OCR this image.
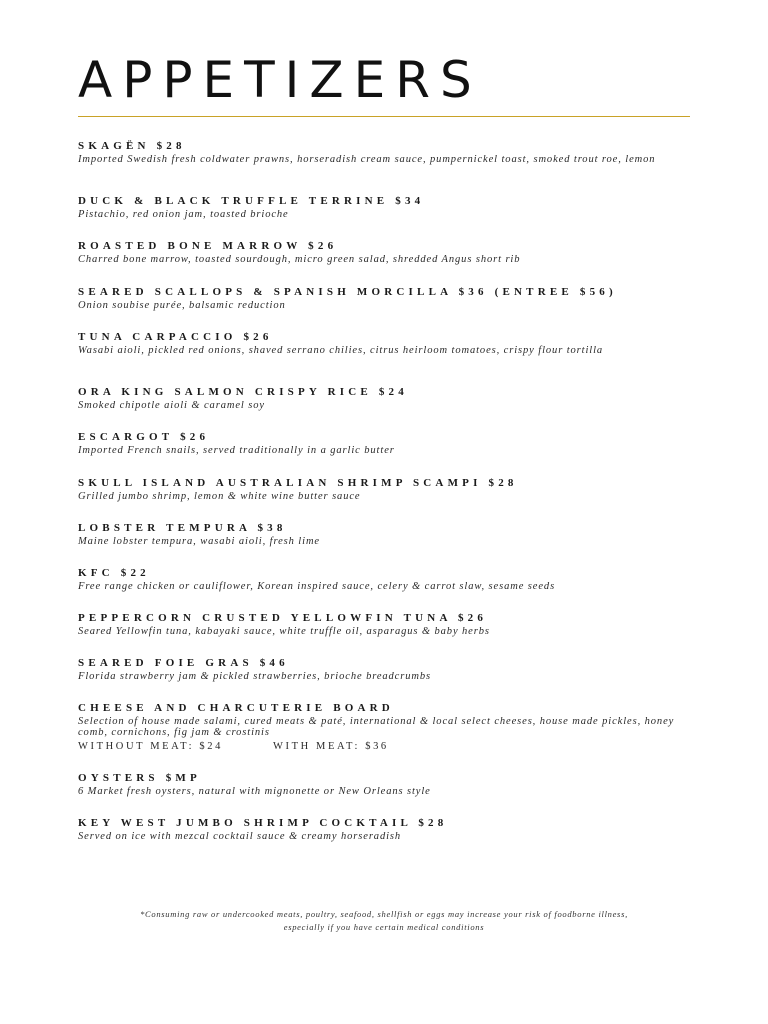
APPETIZERS
SKAGËN $28
Imported Swedish fresh coldwater prawns, horseradish cream sauce, pumpernickel toast, smoked trout roe, lemon
DUCK & BLACK TRUFFLE TERRINE $34
Pistachio, red onion jam, toasted brioche
ROASTED BONE MARROW $26
Charred bone marrow, toasted sourdough, micro green salad, shredded Angus short rib
SEARED SCALLOPS & SPANISH MORCILLA $36 (ENTREE $56)
Onion soubise purée, balsamic reduction
TUNA CARPACCIO $26
Wasabi aioli, pickled red onions, shaved serrano chilies, citrus heirloom tomatoes, crispy flour tortilla
ORA KING SALMON CRISPY RICE $24
Smoked chipotle aioli & caramel soy
ESCARGOT $26
Imported French snails, served traditionally in a garlic butter
SKULL ISLAND AUSTRALIAN SHRIMP SCAMPI $28
Grilled jumbo shrimp, lemon & white wine butter sauce
LOBSTER TEMPURA $38
Maine lobster tempura, wasabi aioli, fresh lime
KFC $22
Free range chicken or cauliflower, Korean inspired sauce, celery & carrot slaw, sesame seeds
PEPPERCORN CRUSTED YELLOWFIN TUNA $26
Seared Yellowfin tuna, kabayaki sauce, white truffle oil, asparagus & baby herbs
SEARED FOIE GRAS $46
Florida strawberry jam & pickled strawberries, brioche breadcrumbs
CHEESE AND CHARCUTERIE BOARD
Selection of house made salami, cured meats & paté, international & local select cheeses, house made pickles, honey comb, cornichons, fig jam & crostinis
WITHOUT MEAT: $24	WITH MEAT: $36
OYSTERS $MP
6 Market fresh oysters, natural with mignonette or New Orleans style
KEY WEST JUMBO SHRIMP COCKTAIL $28
Served on ice with mezcal cocktail sauce & creamy horseradish
*Consuming raw or undercooked meats, poultry, seafood, shellfish or eggs may increase your risk of foodborne illness,
especially if you have certain medical conditions
